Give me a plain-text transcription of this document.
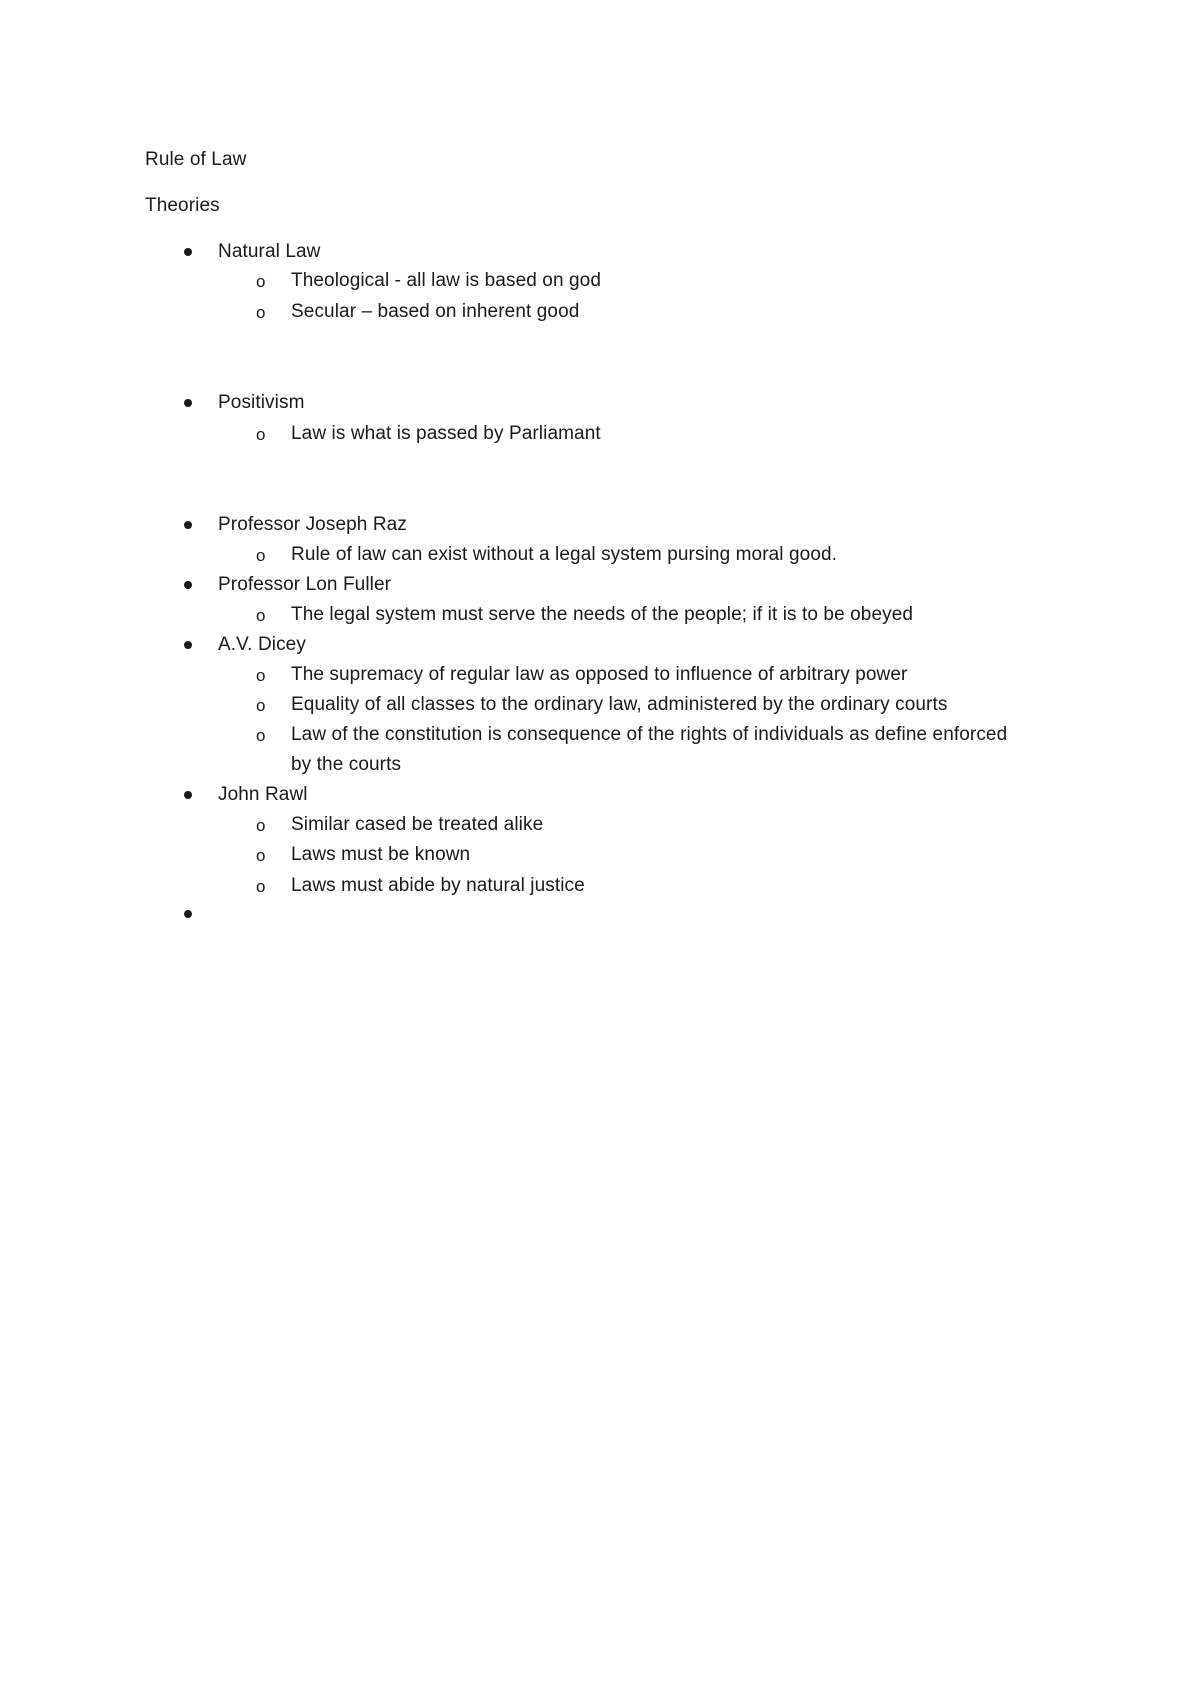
Rule of Law
Theories
Natural Law
o Theological - all law is based on god
o Secular – based on inherent good
Positivism
o Law is what is passed by Parliamant
Professor Joseph Raz
o Rule of law can exist without a legal system pursing moral good.
Professor Lon Fuller
o The legal system must serve the needs of the people; if it is to be obeyed
A.V. Dicey
o The supremacy of regular law as opposed to influence of arbitrary power
o Equality of all classes to the ordinary law, administered by the ordinary courts
o Law of the constitution is consequence of the rights of individuals as define enforced
by the courts
John Rawl
o Similar cased be treated alike
o Laws must be known
o Laws must abide by natural justice
